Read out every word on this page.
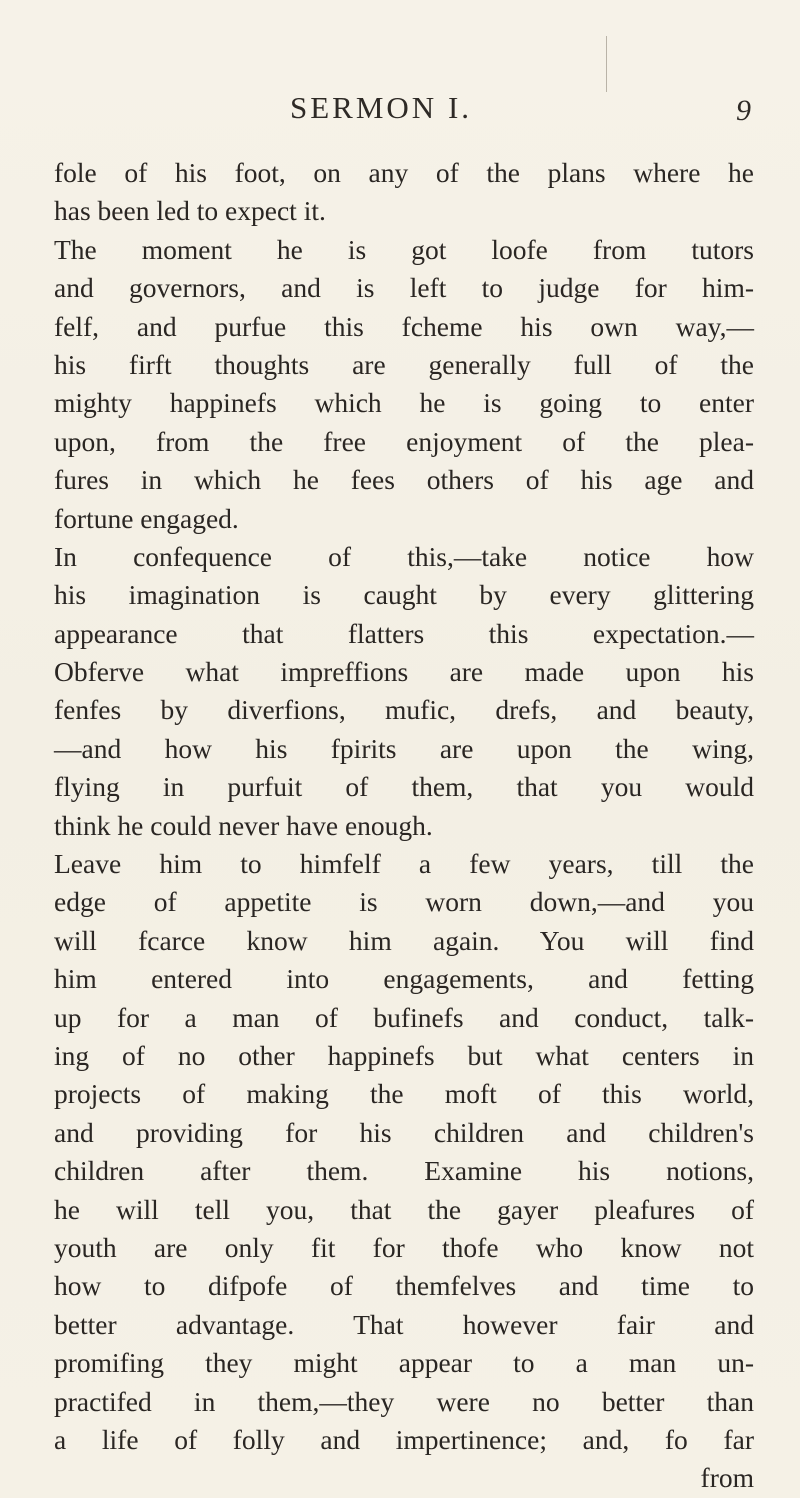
SERMON I.	9
fole of his foot, on any of the plans where he
has been led to expect it.
The moment he is got loofe from tutors
and governors, and is left to judge for him-
felf, and purfue this fcheme his own way,—
his firft thoughts are generally full of the
mighty happinefs which he is going to enter
upon, from the free enjoyment of the plea-
fures in which he fees others of his age and
fortune engaged.
In confequence of this,—take notice how
his imagination is caught by every glittering
appearance that flatters this expectation.—
Obferve what impreffions are made upon his
fenfes by diverfions, mufic, drefs, and beauty,
—and how his fpirits are upon the wing,
flying in purfuit of them, that you would
think he could never have enough.
Leave him to himfelf a few years, till the
edge of appetite is worn down,—and you
will fcarce know him again. You will find
him entered into engagements, and fetting
up for a man of bufinefs and conduct, talk-
ing of no other happinefs but what centers in
projects of making the moft of this world,
and providing for his children and children's
children after them. Examine his notions,
he will tell you, that the gayer pleafures of
youth are only fit for thofe who know not
how to difpofe of themfelves and time to
better advantage. That however fair and
promifing they might appear to a man un-
practifed in them,—they were no better than
a life of folly and impertinence; and, fo far
from
